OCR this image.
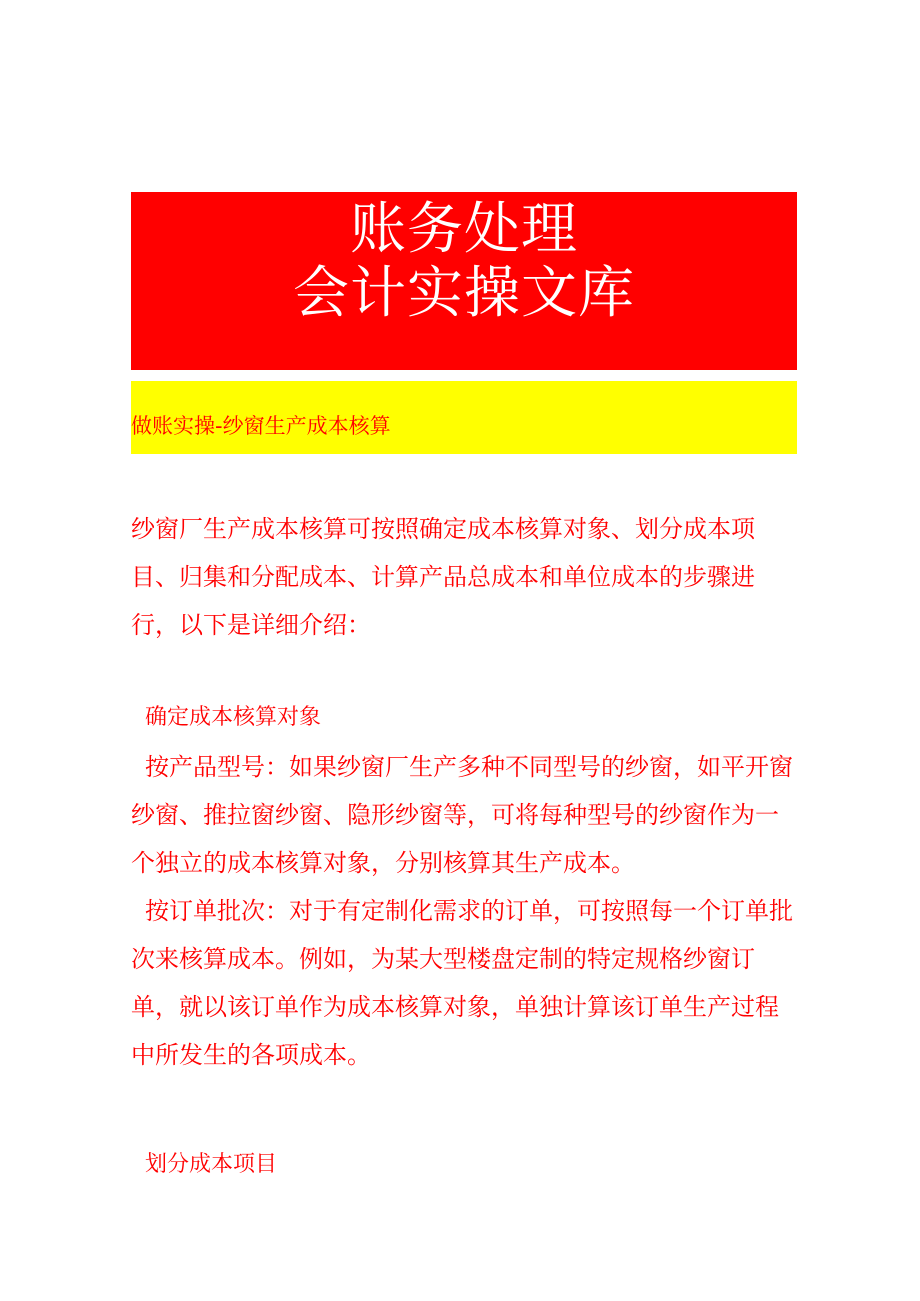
账务处理
会计实操文库
做账实操-纱窗生产成本核算

纱窗厂生产成本核算可按照确定成本核算对象、划分成本项目、归集和分配成本、计算产品总成本和单位成本的步骤进行，以下是详细介绍：

确定成本核算对象

按产品型号：如果纱窗厂生产多种不同型号的纱窗，如平开窗纱窗、推拉窗纱窗、隐形纱窗等，可将每种型号的纱窗作为一个独立的成本核算对象，分别核算其生产成本。

按订单批次：对于有定制化需求的订单，可按照每一个订单批次来核算成本。例如，为某大型楼盘定制的特定规格纱窗订单，就以该订单作为成本核算对象，单独计算该订单生产过程中所发生的各项成本。

划分成本项目
